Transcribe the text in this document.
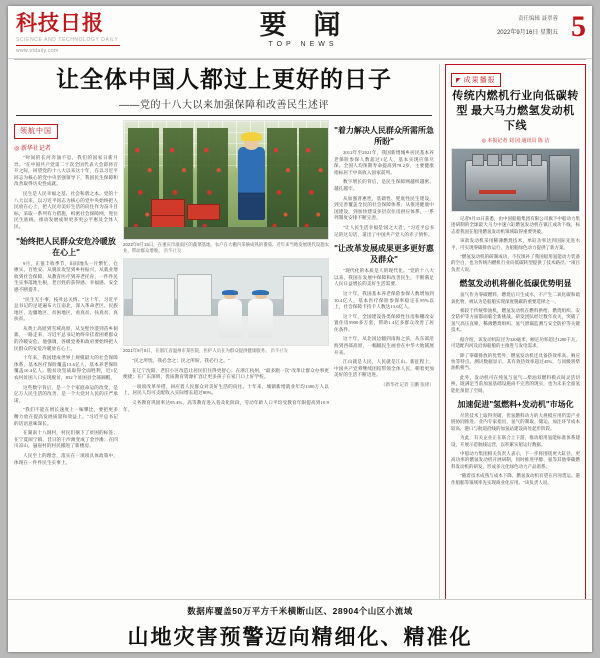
科技日报
SCIENCE AND TECHNOLOGY DAILY
www.stdaily.com
要 闻
TOP NEWS
责任编辑 聂翠蓉
2022年9月16日 星期五 5
让全体中国人都过上更好的日子
——党的十八大以来加强保障和改善民生述评
领航中国
◎ 新华社记者

"时间的长河奔涌不息，我们的国家日新月异。"在中国共产党第二十次全国代表大会即将召开之际，回望党的十八大以来这十年，在以习近平同志为核心的党中央坚强领导下，我国民生保障和改善取得历史性成就。

民生是人民幸福之基、社会和谐之本。党的十八大以来，以习近平同志为核心的党中央始终把人民放在心上，把人民对美好生活的向往作为奋斗目标，采取一系列有力措施，织密社会保障网，兜住民生底线，推动发展成果更多更公平惠及全体人民。

"始终把人民群众安危冷暖放在心上"

9月，正值丰收季节，田间地头一片繁忙，仓廪实、百姓安。从脱贫攻坚到乡村振兴，从就业增收到社会保障，从教育医疗到养老托育，一件件民生实事落地生根，老百姓的获得感、幸福感、安全感不断提升。

"民生无小事，枝叶总关情。"这十年，习近平总书记的足迹遍布大江南北，深入革命老区、民族地区、边疆地区、贫困地区，看真贫、扶真贫、真扶贫。

从黄土高原到雪域高原，从戈壁沙漠到苗乡侗寨，一路走来，习近平总书记始终牵挂着困难群众的冷暖安危。他强调，各级党委和政府要始终把人民群众的安危冷暖放在心上。

十年来，我国建成世界上规模最大的社会保障体系，基本医疗保险覆盖13.6亿人，基本养老保险覆盖10.4亿人。脱贫攻坚战取得全面胜利，近1亿农村贫困人口实现脱贫，832个贫困县全部摘帽。

这些数字背后，是一个个家庭命运的改变，是亿万人民生活的改善，是一个大党对人民的庄严承诺。

"我们不能在增长速度上一味攀比，要把更多精力放在提高发展质量和效益上。"习近平总书记的话语意味深长。

在湖南十八洞村，村民们摘下了贫困的标签；在宁夏闽宁镇，昔日的干沙滩变成了金沙滩；在四川凉山，悬崖村的村民搬进了新楼房。

人民至上的理念，落实在一项项具体政策中，体现在一件件民生实事上。

2022年9月15日，在重庆市潼南区的蔬菜基地，农户在大棚内采摘成熟的番茄。近年来当地发展现代设施农业，带动群众增收。 新华社发
2021年9月8日，在浙江省温州市某医院，医护人员在为群众提供健康服务。 新华社发

"民之所忧，我必念之；民之所盼，我必行之。"

在辽宁沈阳，老旧小区改造让居民们住得更舒心；在浙江杭州，"最多跑一次"改革让群众办事更便捷；在广东深圳，优质教育资源扩容让更多孩子在家门口上好学校。

一项项改革举措，回应着人民群众对美好生活的向往。十年来，城镇新增就业年均1300万人以上，居民人均可支配收入实际增长超过80%。

义务教育巩固率达95.4%，高等教育进入普及化阶段，劳动年龄人口平均受教育年限提高到10.9年。

"着力解决人民群众所需所急所盼"

2012年至2021年，我国新增城乡居民基本养老保险参保人数超过1亿人，基本实现应保尽保。全国人均预期寿命提高到78.2岁，主要健康指标居于中高收入国家前列。

数字增长的背后，是民生保障网越织越密、越扎越牢。

从加强普惠性、基础性、兜底性民生建设，到完善覆盖全民的社会保障体系；从推进健康中国建设，到加快建设多层次住房供应体系，一系列制度安排不断完善。

"让人民生活幸福是'国之大者'。"习近平总书记的这句话，道出了中国共产党人的赤子情怀。

"让改革发展成果更多更好惠及群众"

"现代化的本质是人的现代化。"党的十八大以来，我国在发展中保障和改善民生，不断满足人民日益增长的美好生活需要。

这十年，我国基本养老保险参保人数增加到10.4亿人，基本医疗保险参保率稳定在95%以上，社会保障卡持卡人数达13.6亿人。

这十年，全国建设各类保障性住房和棚改安置住房5900多万套，帮助1.4亿多群众改善了居住条件。

这十年，从北国边疆到南海之滨，从东部沿海到西部高原，一幅幅民生画卷在中华大地铺展开来。

江山就是人民，人民就是江山。新征程上，中国共产党将继续团结带领全体人民，朝着更加美好的生活不断迈进。

（新华社记者 王鹏 张铎）
◤ 成果播报
传统内燃机行业向低碳转型 最大马力燃氢发动机下线
◎ 本报记者 刘 园 通讯员 陈 洁

记者9月15日获悉，由中国船舶集团有限公司旗下中船动力集团研制的全球最大马力中速六缸燃氢发动机在镇江成功下线，标志着我国在船用燃氢发动机领域取得重要突破。

该款发动机采用稀薄燃烧技术，单缸功率达到国际先进水平，可实现零碳排放运行，为船舶绿色动力提供了新方案。

"燃氢发动机的研制成功，不仅填补了我国船用氢能动力装备的空白，也为传统内燃机行业向低碳转型提供了技术路径。"项目负责人说。

燃氢发动机将催化低碳优势明显

氢气作为零碳燃料，燃烧后只生成水，不产生二氧化碳和硫氧化物，被认为是船舶实现深度脱碳的重要选择之一。

相较于传统柴油机，燃氢发动机在燃料供给、燃烧组织、安全防护等方面都面临全新挑战。研发团队经过数年攻关，突破了氢气高压直喷、稀薄燃烧组织、氢气泄漏监测与安全防护等关键技术。

据介绍，该发动机缸径为320毫米，额定功率超过1200千瓦，可适配内河及沿海船舶的主推进与发电需求。

除了零碳排放的优势外，燃氢发动机还具备热效率高、响应快等特点。测试数据显示，其有效热效率超过45%，与同级别柴油机相当。

此外，发动机可在纯氢与氢气—柴油双燃料模式间灵活切换，既满足当前加氢基础设施尚不完善的现实，也为未来全面氢能化预留了空间。

加速促进"氢燃料+发动机"市场化

尽管技术上取得突破，但氢燃料动力的大规模应用仍需产业链协同推进。业内专家指出，氢气的制取、储运、加注环节成本较高，港口与航道沿线的加氢站建设尚处起步阶段。

为此，有关企业正在联合上下游，推动船用氢能标准体系建设，开展示范航线运营，以积累实船运行数据。

中船动力集团相关负责人表示，下一步将围绕更大缸径、更高功率的燃氢发动机开展研制，同时推进甲醇、氨等其他零碳燃料发动机的研发，形成多元化绿色动力产品谱系。

"随着技术成熟与成本下降，燃氢发动机有望在内河货运、港作船舶等领域率先实现商业化应用。"该负责人说。

数据库覆盖50万平方千米横断山区、28904个山区小流域
山地灾害预警迈向精细化、精准化
